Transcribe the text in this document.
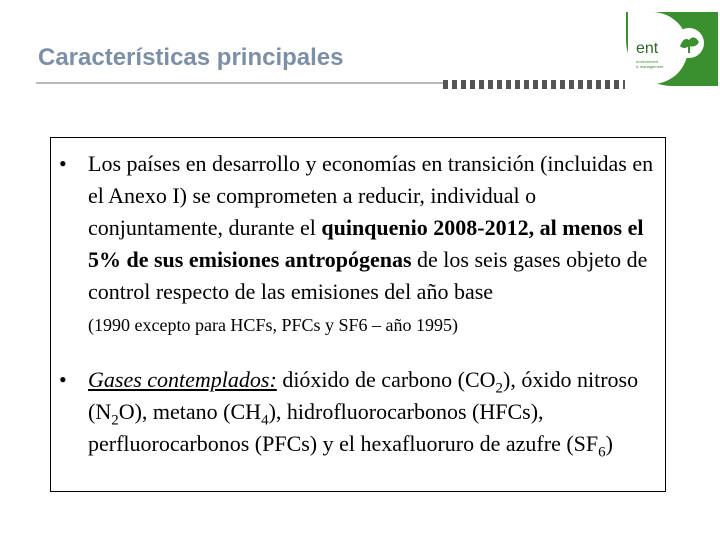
Características principales	ent
environment
& management
• Los países en desarrollo y economías en transición (incluidas en el Anexo I) se comprometen a reducir, individual o conjuntamente, durante el quinquenio 2008-2012, al menos el 5% de sus emisiones antropógenas de los seis gases objeto de control respecto de las emisiones del año base
(1990 excepto para HCFs, PFCs y SF6 – año 1995)
• Gases contemplados: dióxido de carbono $(CO_2)$, óxido nitroso $(N_2O)$, metano $(CH_4)$, hidrofluorocarbonos (HFCs), perfluorocarbonos (PFCs) y el hexafluoruro de azufre $(SF_6)$
